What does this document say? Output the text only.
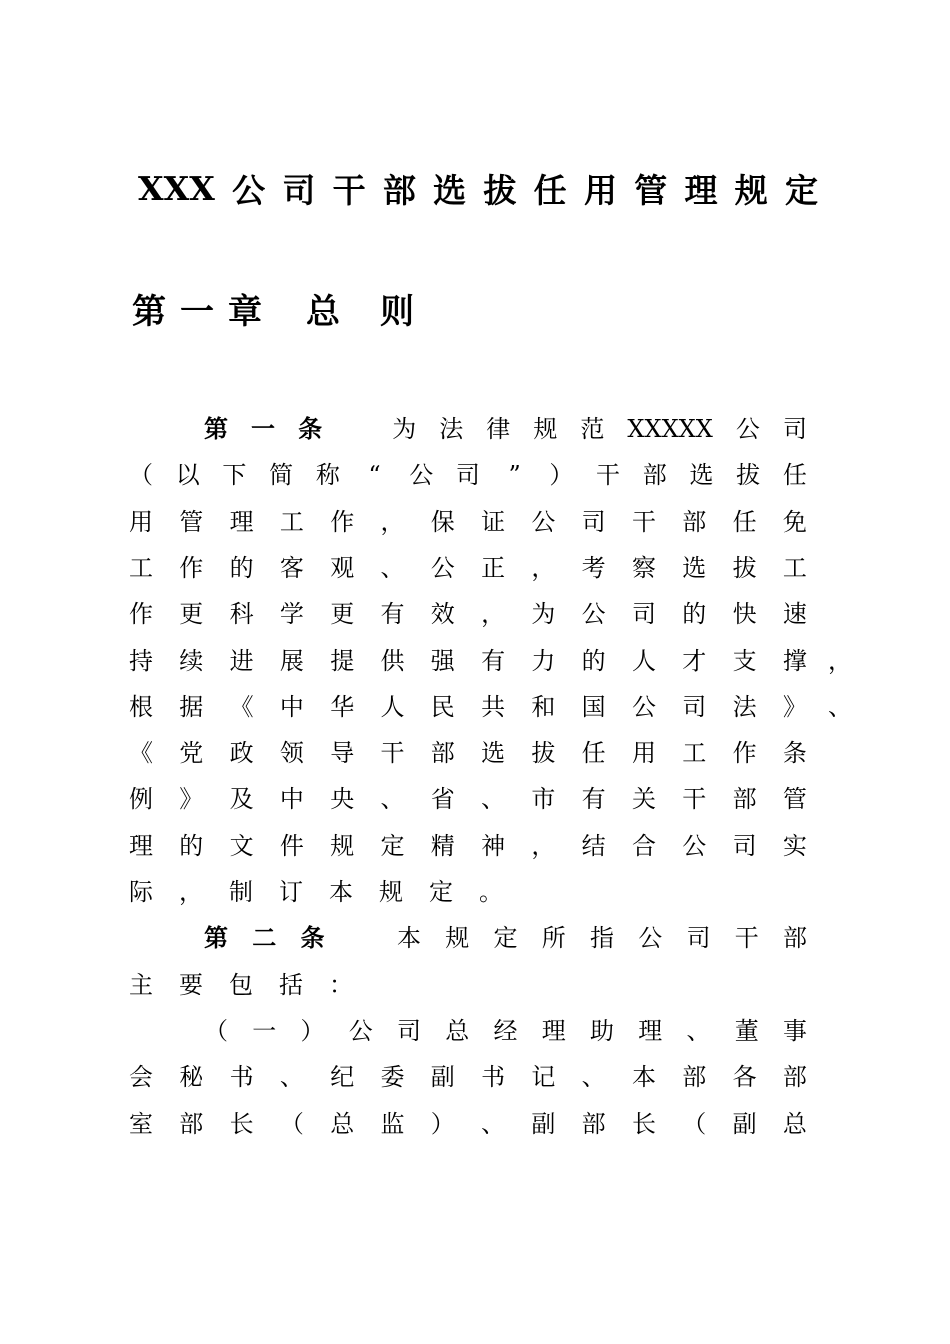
XXX 公 司 干 部 选 拔 任 用 管 理 规 定
第 一 章 总 则
第 一 条
	为 法 律 规 范 XXXXX 公 司
（ 以 下 简 称 “ 公 司 ” ） 干 部 选 拔 任
用 管 理 工 作 ， 保 证 公 司 干 部 任 免
工 作 的 客 观 、 公 正 ， 考 察 选 拔 工
作 更 科 学 更 有 效 ， 为 公 司 的 快 速
持 续 进 展 提 供 强 有 力 的 人 才 支 撑 ，
根 据 《 中 华 人 民 共 和 国 公 司 法 》 、
《 党 政 领 导 干 部 选 拔 任 用 工 作 条
例 》 及 中 央 、 省 、 市 有 关 干 部 管
理 的 文 件 规 定 精 神 ， 结 合 公 司 实
际 ， 制 订 本 规 定 。
第 二 条
	本 规 定 所 指 公 司 干 部
主 要 包 括 ：
（ 一 ） 公 司 总 经 理 助 理 、 董 事
会 秘 书 、 纪 委 副 书 记 、 本 部 各 部
室 部 长 （ 总 监 ） 、 副 部 长 （ 副 总
